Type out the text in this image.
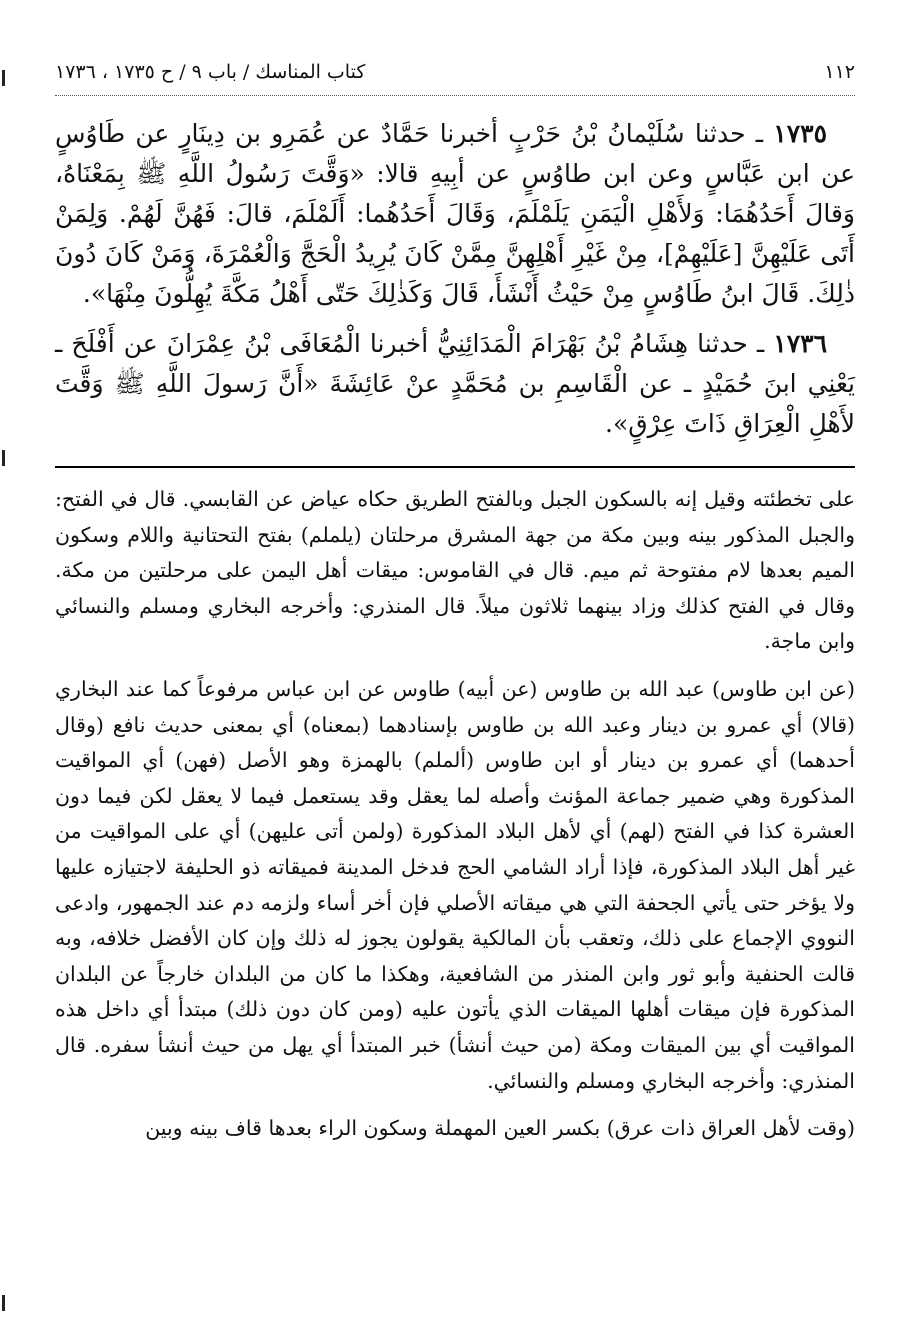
١١٢
كتاب المناسك / باب ٩ / ح ١٧٣٥ ، ١٧٣٦

١٧٣٥ ـ حدثنا سُلَيْمانُ بْنُ حَرْبٍ أخبرنا حَمَّادٌ عن عُمَرِو بن دِينَارٍ عن طَاوُسٍ عن ابن عَبَّاسٍ وعن ابن طاوُسٍ عن أبِيهِ قالا: «وَقَّتَ رَسُولُ اللَّهِ ﷺ بِمَعْنَاهُ، وَقالَ أَحَدُهُمَا: وَلأَهْلِ الْيَمَنِ يَلَمْلَمَ، وَقَالَ أَحَدُهُما: أَلَمْلَمَ، قالَ: فَهُنَّ لَهُمْ. وَلِمَنْ أَتَى عَلَيْهِنَّ [عَلَيْهِمْ]، مِنْ غَيْرِ أَهْلِهِنَّ مِمَّنْ كَانَ يُرِيدُ الْحَجَّ وَالْعُمْرَةَ، وَمَنْ كَانَ دُونَ ذٰلِكَ. قَالَ ابنُ طَاوُسٍ مِنْ حَيْثُ أَنْشَأَ، قَالَ وَكَذٰلِكَ حَتّى أَهْلُ مَكَّةَ يُهِلُّونَ مِنْهَا».

١٧٣٦ ـ حدثنا هِشَامُ بْنُ بَهْرَامَ الْمَدَائِنِيُّ أخبرنا الْمُعَافَى بْنُ عِمْرَانَ عن أَفْلَحَ ـ يَعْنِي ابنَ حُمَيْدٍ ـ عن الْقَاسِمِ بن مُحَمَّدٍ عنْ عَائِشَةَ «أَنَّ رَسولَ اللَّهِ ﷺ وَقَّتَ لأَهْلِ الْعِرَاقِ ذَاتَ عِرْقٍ».

على تخطئته وقيل إنه بالسكون الجبل وبالفتح الطريق حكاه عياض عن القابسي. قال في الفتح: والجبل المذكور بينه وبين مكة من جهة المشرق مرحلتان (يلملم) بفتح التحتانية واللام وسكون الميم بعدها لام مفتوحة ثم ميم. قال في القاموس: ميقات أهل اليمن على مرحلتين من مكة. وقال في الفتح كذلك وزاد بينهما ثلاثون ميلاً. قال المنذري: وأخرجه البخاري ومسلم والنسائي وابن ماجة.

(عن ابن طاوس) عبد الله بن طاوس (عن أبيه) طاوس عن ابن عباس مرفوعاً كما عند البخاري (قالا) أي عمرو بن دينار وعبد الله بن طاوس بإسنادهما (بمعناه) أي بمعنى حديث نافع (وقال أحدهما) أي عمرو بن دينار أو ابن طاوس (ألملم) بالهمزة وهو الأصل (فهن) أي المواقيت المذكورة وهي ضمير جماعة المؤنث وأصله لما يعقل وقد يستعمل فيما لا يعقل لكن فيما دون العشرة كذا في الفتح (لهم) أي لأهل البلاد المذكورة (ولمن أتى عليهن) أي على المواقيت من غير أهل البلاد المذكورة، فإذا أراد الشامي الحج فدخل المدينة فميقاته ذو الحليفة لاجتيازه عليها ولا يؤخر حتى يأتي الجحفة التي هي ميقاته الأصلي فإن أخر أساء ولزمه دم عند الجمهور، وادعى النووي الإجماع على ذلك، وتعقب بأن المالكية يقولون يجوز له ذلك وإن كان الأفضل خلافه، وبه قالت الحنفية وأبو ثور وابن المنذر من الشافعية، وهكذا ما كان من البلدان خارجاً عن البلدان المذكورة فإن ميقات أهلها الميقات الذي يأتون عليه (ومن كان دون ذلك) مبتدأ أي داخل هذه المواقيت أي بين الميقات ومكة (من حيث أنشأ) خبر المبتدأ أي يهل من حيث أنشأ سفره. قال المنذري: وأخرجه البخاري ومسلم والنسائي.

(وقت لأهل العراق ذات عرق) بكسر العين المهملة وسكون الراء بعدها قاف بينه وبين
